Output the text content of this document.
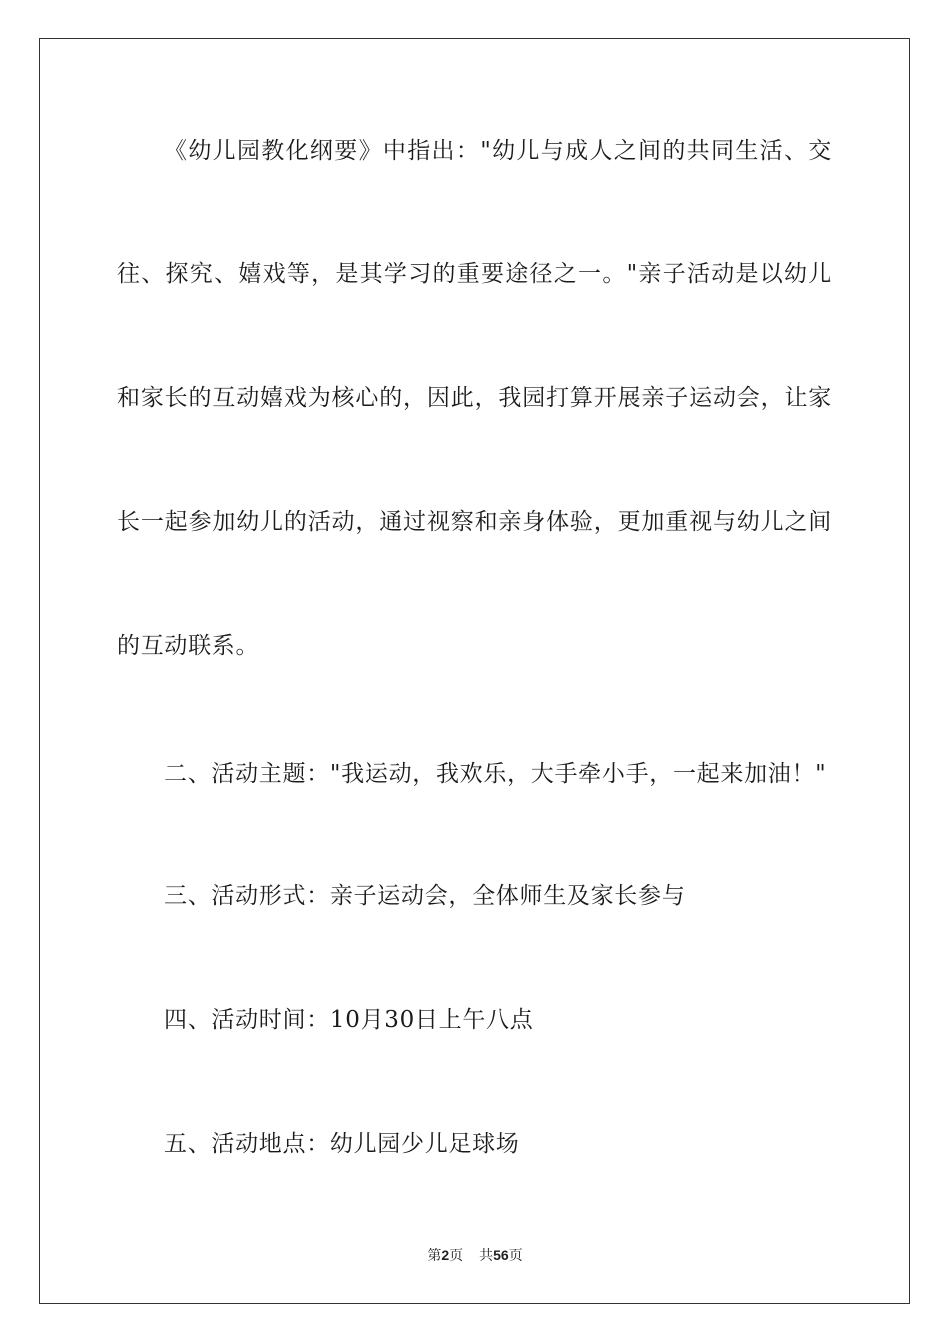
《幼儿园教化纲要》中指出："幼儿与成人之间的共同生活、交
往、探究、嬉戏等，是其学习的重要途径之一。"亲子活动是以幼儿
和家长的互动嬉戏为核心的，因此，我园打算开展亲子运动会，让家
长一起参加幼儿的活动，通过视察和亲身体验，更加重视与幼儿之间
的互动联系。
二、活动主题："我运动，我欢乐，大手牵小手，一起来加油！"
三、活动形式：亲子运动会，全体师生及家长参与
四、活动时间：10月30日上午八点
五、活动地点：幼儿园少儿足球场
第2页 共56页
